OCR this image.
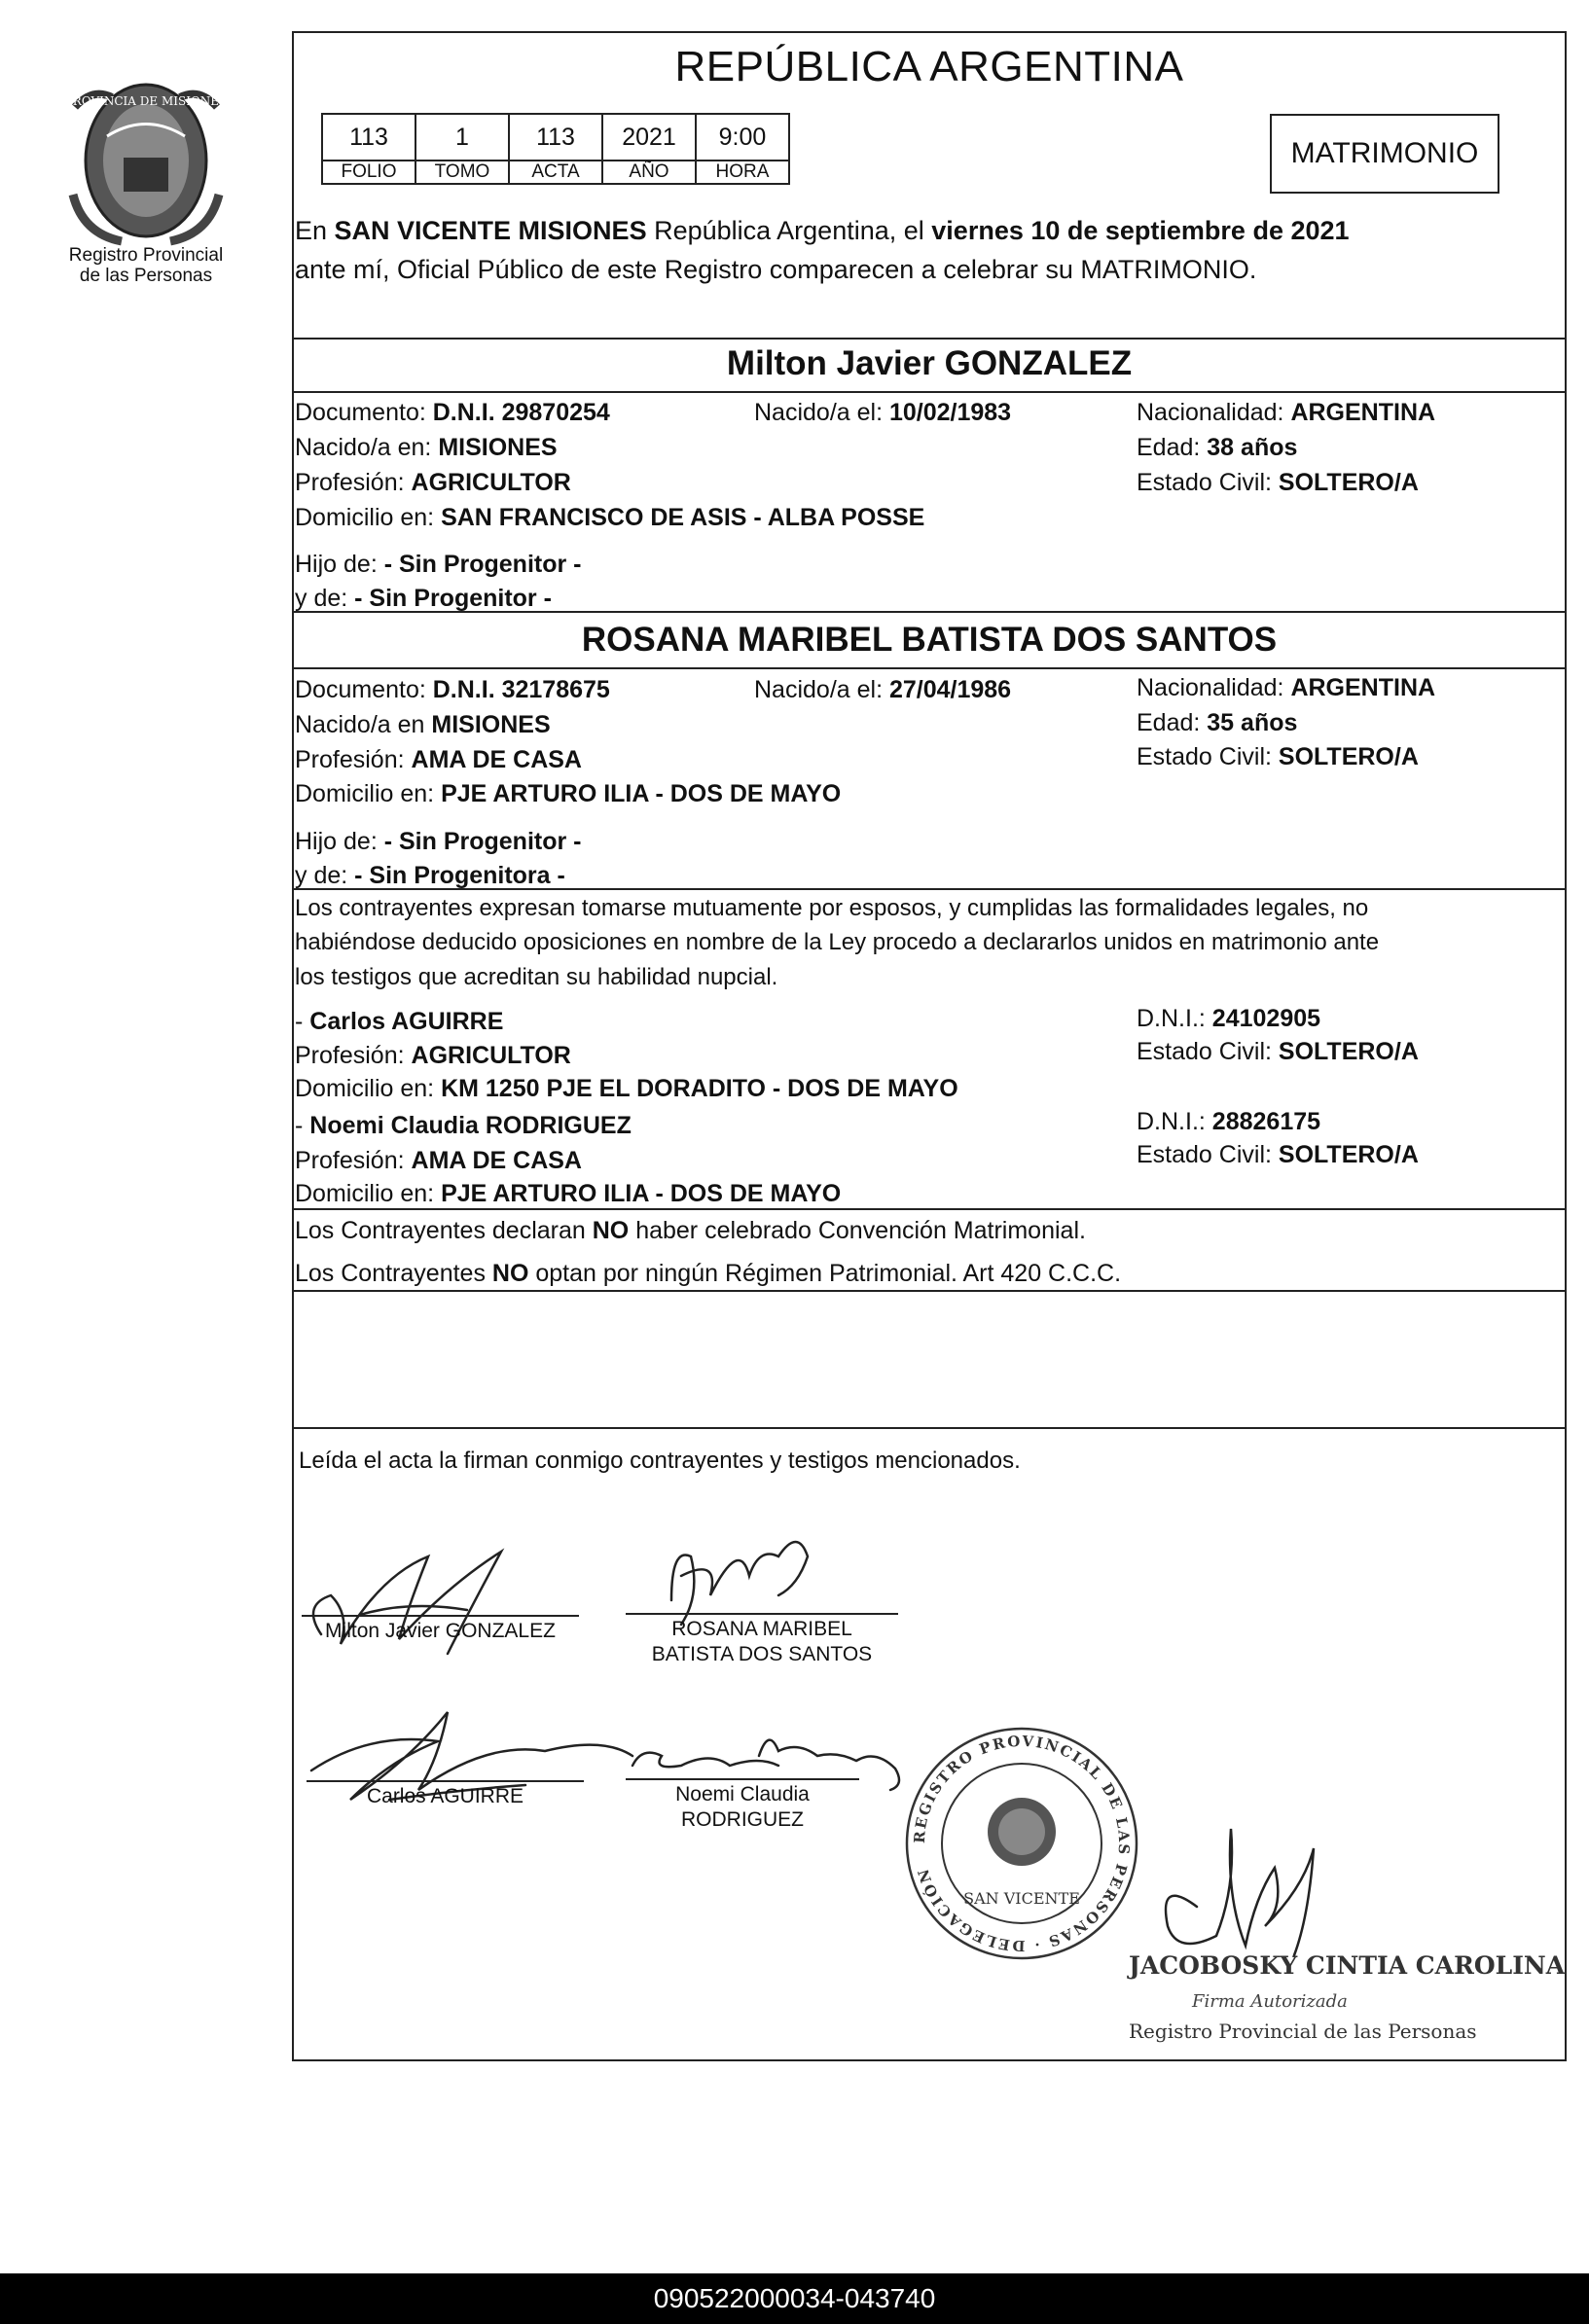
PROVINCIA DE MISIONES
Registro Provincial
de las Personas
REPÚBLICA ARGENTINA
113	1	113	2021	9:00
FOLIO	TOMO	ACTA	AÑO	HORA
MATRIMONIO
En SAN VICENTE MISIONES República Argentina, el viernes 10 de septiembre de 2021
ante mí, Oficial Público de este Registro comparecen a celebrar su MATRIMONIO.
Milton Javier GONZALEZ
Documento: D.N.I. 29870254	Nacido/a el: 10/02/1983	Nacionalidad: ARGENTINA
Nacido/a en: MISIONES	Edad: 38 años
Profesión: AGRICULTOR	Estado Civil: SOLTERO/A
Domicilio en: SAN FRANCISCO DE ASIS - ALBA POSSE
Hijo de: - Sin Progenitor -
y de: - Sin Progenitor -
ROSANA MARIBEL BATISTA DOS SANTOS
Documento: D.N.I. 32178675	Nacido/a el: 27/04/1986	Nacionalidad: ARGENTINA
Nacido/a en MISIONES	Edad: 35 años
Profesión: AMA DE CASA	Estado Civil: SOLTERO/A
Domicilio en: PJE ARTURO ILIA - DOS DE MAYO
Hijo de: - Sin Progenitor -
y de: - Sin Progenitora -
Los contrayentes expresan tomarse mutuamente por esposos, y cumplidas las formalidades legales, no
habiéndose deducido oposiciones en nombre de la Ley procedo a declararlos unidos en matrimonio ante
los testigos que acreditan su habilidad nupcial.
- Carlos AGUIRRE	D.N.I.: 24102905
Profesión: AGRICULTOR	Estado Civil: SOLTERO/A
Domicilio en: KM 1250 PJE EL DORADITO - DOS DE MAYO
- Noemi Claudia RODRIGUEZ	D.N.I.: 28826175
Profesión: AMA DE CASA	Estado Civil: SOLTERO/A
Domicilio en: PJE ARTURO ILIA - DOS DE MAYO
Los Contrayentes declaran NO haber celebrado Convención Matrimonial.
Los Contrayentes NO optan por ningún Régimen Patrimonial. Art 420 C.C.C.
Leída el acta la firman conmigo contrayentes y testigos mencionados.
Milton Javier GONZALEZ	ROSANA MARIBEL
BATISTA DOS SANTOS
Carlos AGUIRRE	Noemi Claudia
RODRIGUEZ
REGISTRO PROVINCIAL DE LAS PERSONAS · DELEGACIÓN
SAN VICENTE
JACOBOSKY CINTIA CAROLINA
Firma Autorizada
Registro Provincial de las Personas
090522000034-043740
